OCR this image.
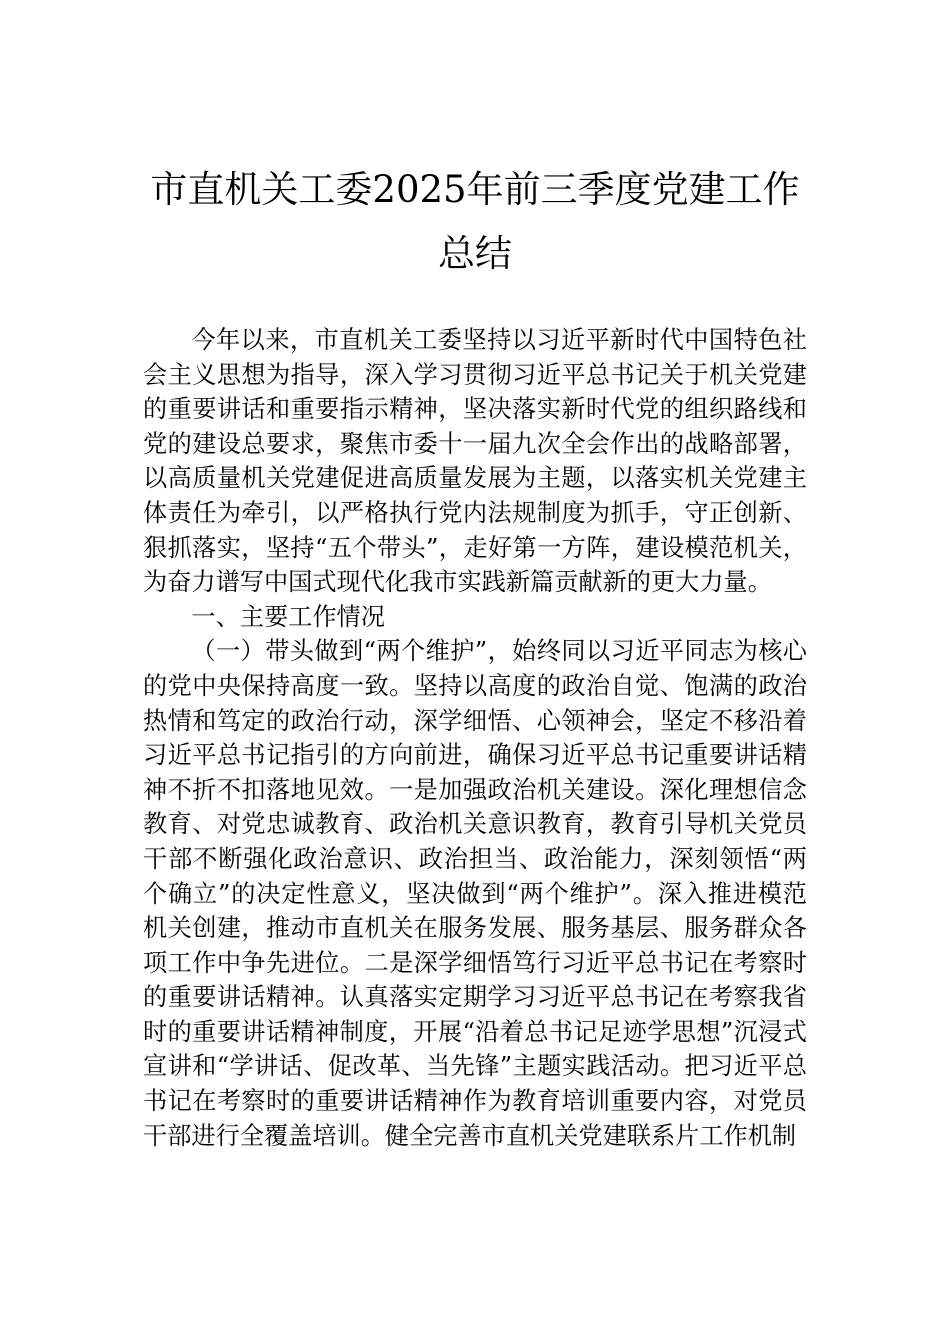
市直机关工委2025年前三季度党建工作总结

今年以来，市直机关工委坚持以习近平新时代中国特色社会主义思想为指导，深入学习贯彻习近平总书记关于机关党建的重要讲话和重要指示精神，坚决落实新时代党的组织路线和党的建设总要求，聚焦市委十一届九次全会作出的战略部署，以高质量机关党建促进高质量发展为主题，以落实机关党建主体责任为牵引，以严格执行党内法规制度为抓手，守正创新、狠抓落实，坚持“五个带头”，走好第一方阵，建设模范机关，为奋力谱写中国式现代化我市实践新篇贡献新的更大力量。

一、主要工作情况

（一）带头做到“两个维护”，始终同以习近平同志为核心的党中央保持高度一致。坚持以高度的政治自觉、饱满的政治热情和笃定的政治行动，深学细悟、心领神会，坚定不移沿着习近平总书记指引的方向前进，确保习近平总书记重要讲话精神不折不扣落地见效。一是加强政治机关建设。深化理想信念教育、对党忠诚教育、政治机关意识教育，教育引导机关党员干部不断强化政治意识、政治担当、政治能力，深刻领悟“两个确立”的决定性意义，坚决做到“两个维护”。深入推进模范机关创建，推动市直机关在服务发展、服务基层、服务群众各项工作中争先进位。二是深学细悟笃行习近平总书记在考察时的重要讲话精神。认真落实定期学习习近平总书记在考察我省时的重要讲话精神制度，开展“沿着总书记足迹学思想”沉浸式宣讲和“学讲话、促改革、当先锋”主题实践活动。把习近平总书记在考察时的重要讲话精神作为教育培训重要内容，对党员干部进行全覆盖培训。健全完善市直机关党建联系片工作机制
